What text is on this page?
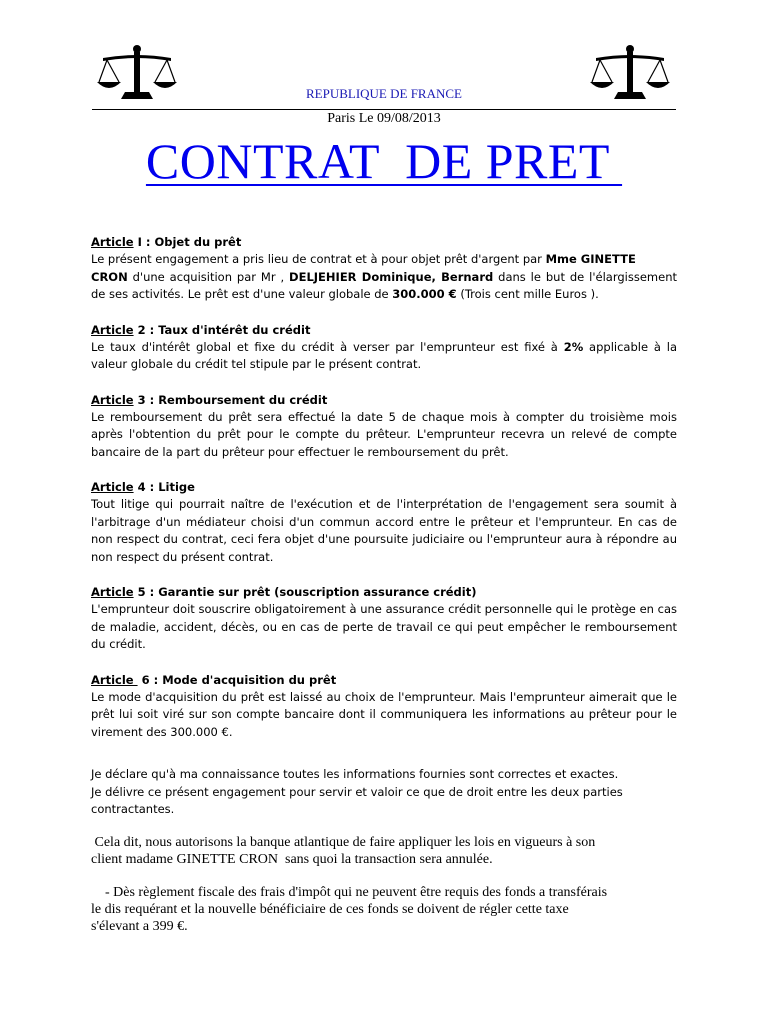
REPUBLIQUE DE FRANCE
Paris Le 09/08/2013
CONTRAT  DE PRET
Article I : Objet du prêt
Le présent engagement a pris lieu de contrat et à pour objet prêt d'argent par Mme GINETTE
CRON d'une acquisition par Mr , DELJEHIER Dominique, Bernard dans le but de l'élargissement de ses activités. Le prêt est d'une valeur globale de 300.000 € (Trois cent mille Euros ).
Article 2 : Taux d'intérêt du crédit
Le taux d'intérêt global et fixe du crédit à verser par l'emprunteur est fixé à 2% applicable à la valeur globale du crédit tel stipule par le présent contrat.
Article 3 : Remboursement du crédit
Le remboursement du prêt sera effectué la date 5 de chaque mois à compter du troisième mois après l'obtention du prêt pour le compte du prêteur. L'emprunteur recevra un relevé de compte bancaire de la part du prêteur pour effectuer le remboursement du prêt.
Article 4 : Litige
Tout litige qui pourrait naître de l'exécution et de l'interprétation de l'engagement sera soumit à l'arbitrage d'un médiateur choisi d'un commun accord entre le prêteur et l'emprunteur. En cas de non respect du contrat, ceci fera objet d'une poursuite judiciaire ou l'emprunteur aura à répondre au non respect du présent contrat.
Article 5 : Garantie sur prêt (souscription assurance crédit)
L'emprunteur doit souscrire obligatoirement à une assurance crédit personnelle qui le protège en cas de maladie, accident, décès, ou en cas de perte de travail ce qui peut empêcher le remboursement du crédit.
Article  6 : Mode d'acquisition du prêt
Le mode d'acquisition du prêt est laissé au choix de l'emprunteur. Mais l'emprunteur aimerait que le prêt lui soit viré sur son compte bancaire dont il communiquera les informations au prêteur pour le virement des 300.000 €.
Je déclare qu'à ma connaissance toutes les informations fournies sont correctes et exactes.
Je délivre ce présent engagement pour servir et valoir ce que de droit entre les deux parties contractantes.
Cela dit, nous autorisons la banque atlantique de faire appliquer les lois en vigueurs à son
client madame GINETTE CRON  sans quoi la transaction sera annulée.
- Dès règlement fiscale des frais d'impôt qui ne peuvent être requis des fonds a transférais
le dis requérant et la nouvelle bénéficiaire de ces fonds se doivent de régler cette taxe
s'élevant a 399 €.
